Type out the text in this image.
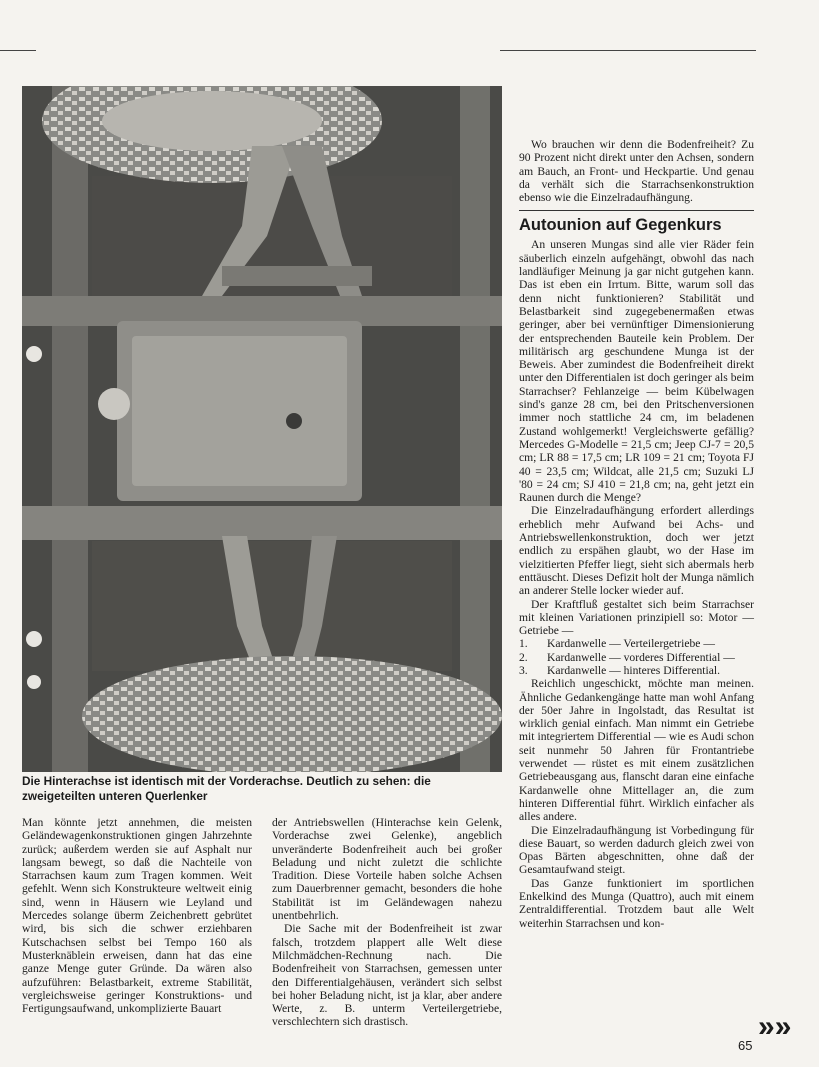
Die Hinterachse ist identisch mit der Vorderachse. Deutlich zu sehen: die zweigeteilten unteren Querlenker

Man könnte jetzt annehmen, die meisten Geländewagenkonstruktionen gingen Jahrzehnte zurück; außerdem werden sie auf Asphalt nur langsam bewegt, so daß die Nachteile von Starrachsen kaum zum Tragen kommen. Weit gefehlt. Wenn sich Konstrukteure weltweit einig sind, wenn in Häusern wie Leyland und Mercedes solange überm Zeichenbrett gebrütet wird, bis sich die schwer erziehbaren Kutschachsen selbst bei Tempo 160 als Musterknäblein erweisen, dann hat das eine ganze Menge guter Gründe. Da wären also aufzuführen: Belastbarkeit, extreme Stabilität, vergleichsweise geringer Konstruktions- und Fertigungsaufwand, unkomplizierte Bauart

der Antriebswellen (Hinterachse kein Gelenk, Vorderachse zwei Gelenke), angeblich unveränderte Bodenfreiheit auch bei großer Beladung und nicht zuletzt die schlichte Tradition. Diese Vorteile haben solche Achsen zum Dauerbrenner gemacht, besonders die hohe Stabilität ist im Geländewagen nahezu unentbehrlich.

Die Sache mit der Bodenfreiheit ist zwar falsch, trotzdem plappert alle Welt diese Milchmädchen-Rechnung nach. Die Bodenfreiheit von Starrachsen, gemessen unter den Differentialgehäusen, verändert sich selbst bei hoher Beladung nicht, ist ja klar, aber andere Werte, z. B. unterm Verteilergetriebe, verschlechtern sich drastisch.

Wo brauchen wir denn die Bodenfreiheit? Zu 90 Prozent nicht direkt unter den Achsen, sondern am Bauch, an Front- und Heckpartie. Und genau da verhält sich die Starrachsenkonstruktion ebenso wie die Einzelradaufhängung.

Autounion auf Gegenkurs

An unseren Mungas sind alle vier Räder fein säuberlich einzeln aufgehängt, obwohl das nach landläufiger Meinung ja gar nicht gutgehen kann. Das ist eben ein Irrtum. Bitte, warum soll das denn nicht funktionieren? Stabilität und Belastbarkeit sind zugegebenermaßen etwas geringer, aber bei vernünftiger Dimensionierung der entsprechenden Bauteile kein Problem. Der militärisch arg geschundene Munga ist der Beweis. Aber zumindest die Bodenfreiheit direkt unter den Differentialen ist doch geringer als beim Starrachser? Fehlanzeige — beim Kübelwagen sind's ganze 28 cm, bei den Pritschenversionen immer noch stattliche 24 cm, im beladenen Zustand wohlgemerkt! Vergleichswerte gefällig? Mercedes G-Modelle = 21,5 cm; Jeep CJ-7 = 20,5 cm; LR 88 = 17,5 cm; LR 109 = 21 cm; Toyota FJ 40 = 23,5 cm; Wildcat, alle 21,5 cm; Suzuki LJ '80 = 24 cm; SJ 410 = 21,8 cm; na, geht jetzt ein Raunen durch die Menge?

Die Einzelradaufhängung erfordert allerdings erheblich mehr Aufwand bei Achs- und Antriebswellenkonstruktion, doch wer jetzt endlich zu erspähen glaubt, wo der Hase im vielzitierten Pfeffer liegt, sieht sich abermals herb enttäuscht. Dieses Defizit holt der Munga nämlich an anderer Stelle locker wieder auf.

Der Kraftfluß gestaltet sich beim Starrachser mit kleinen Variationen prinzipiell so: Motor — Getriebe —

1.	Kardanwelle — Verteilergetriebe —
2.	Kardanwelle — vorderes Differential —
3.	Kardanwelle — hinteres Differential.

Reichlich ungeschickt, möchte man meinen. Ähnliche Gedankengänge hatte man wohl Anfang der 50er Jahre in Ingolstadt, das Resultat ist wirklich genial einfach. Man nimmt ein Getriebe mit integriertem Differential — wie es Audi schon seit nunmehr 50 Jahren für Frontantriebe verwendet — rüstet es mit einem zusätzlichen Getriebeausgang aus, flanscht daran eine einfache Kardanwelle ohne Mittellager an, die zum hinteren Differential führt. Wirklich einfacher als alles andere.

Die Einzelradaufhängung ist Vorbedingung für diese Bauart, so werden dadurch gleich zwei von Opas Bärten abgeschnitten, ohne daß der Gesamtaufwand steigt.

Das Ganze funktioniert im sportlichen Enkelkind des Munga (Quattro), auch mit einem Zentraldifferential. Trotzdem baut alle Welt weiterhin Starrachsen und kon-

»»
65
